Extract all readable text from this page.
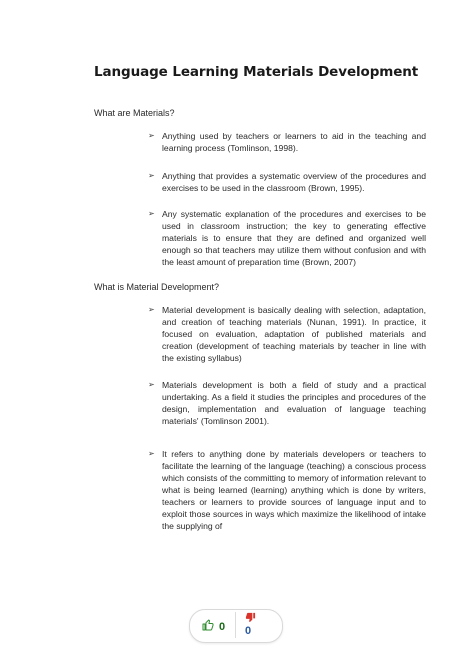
Language Learning Materials Development
What are Materials?
➢ Anything used by teachers or learners to aid in the teaching and learning process (Tomlinson, 1998).
➢ Anything that provides a systematic overview of the procedures and exercises to be used in the classroom (Brown, 1995).
➢ Any systematic explanation of the procedures and exercises to be used in classroom instruction; the key to generating effective materials is to ensure that they are defined and organized well enough so that teachers may utilize them without confusion and with the least amount of preparation time (Brown, 2007)
What is Material Development?
➢ Material development is basically dealing with selection, adaptation, and creation of teaching materials (Nunan, 1991). In practice, it focused on evaluation, adaptation of published materials and creation (development of teaching materials by teacher in line with the existing syllabus)
➢ Materials development is both a field of study and a practical undertaking. As a field it studies the principles and procedures of the design, implementation and evaluation of language teaching materials' (Tomlinson 2001).
➢ It refers to anything done by materials developers or teachers to facilitate the learning of the language (teaching) a conscious process which consists of the committing to memory of information relevant to what is being learned (learning) anything which is done by writers, teachers or learners to provide sources of language input and to exploit those sources in ways which maximize the likelihood of intake the supplying of
0 0
